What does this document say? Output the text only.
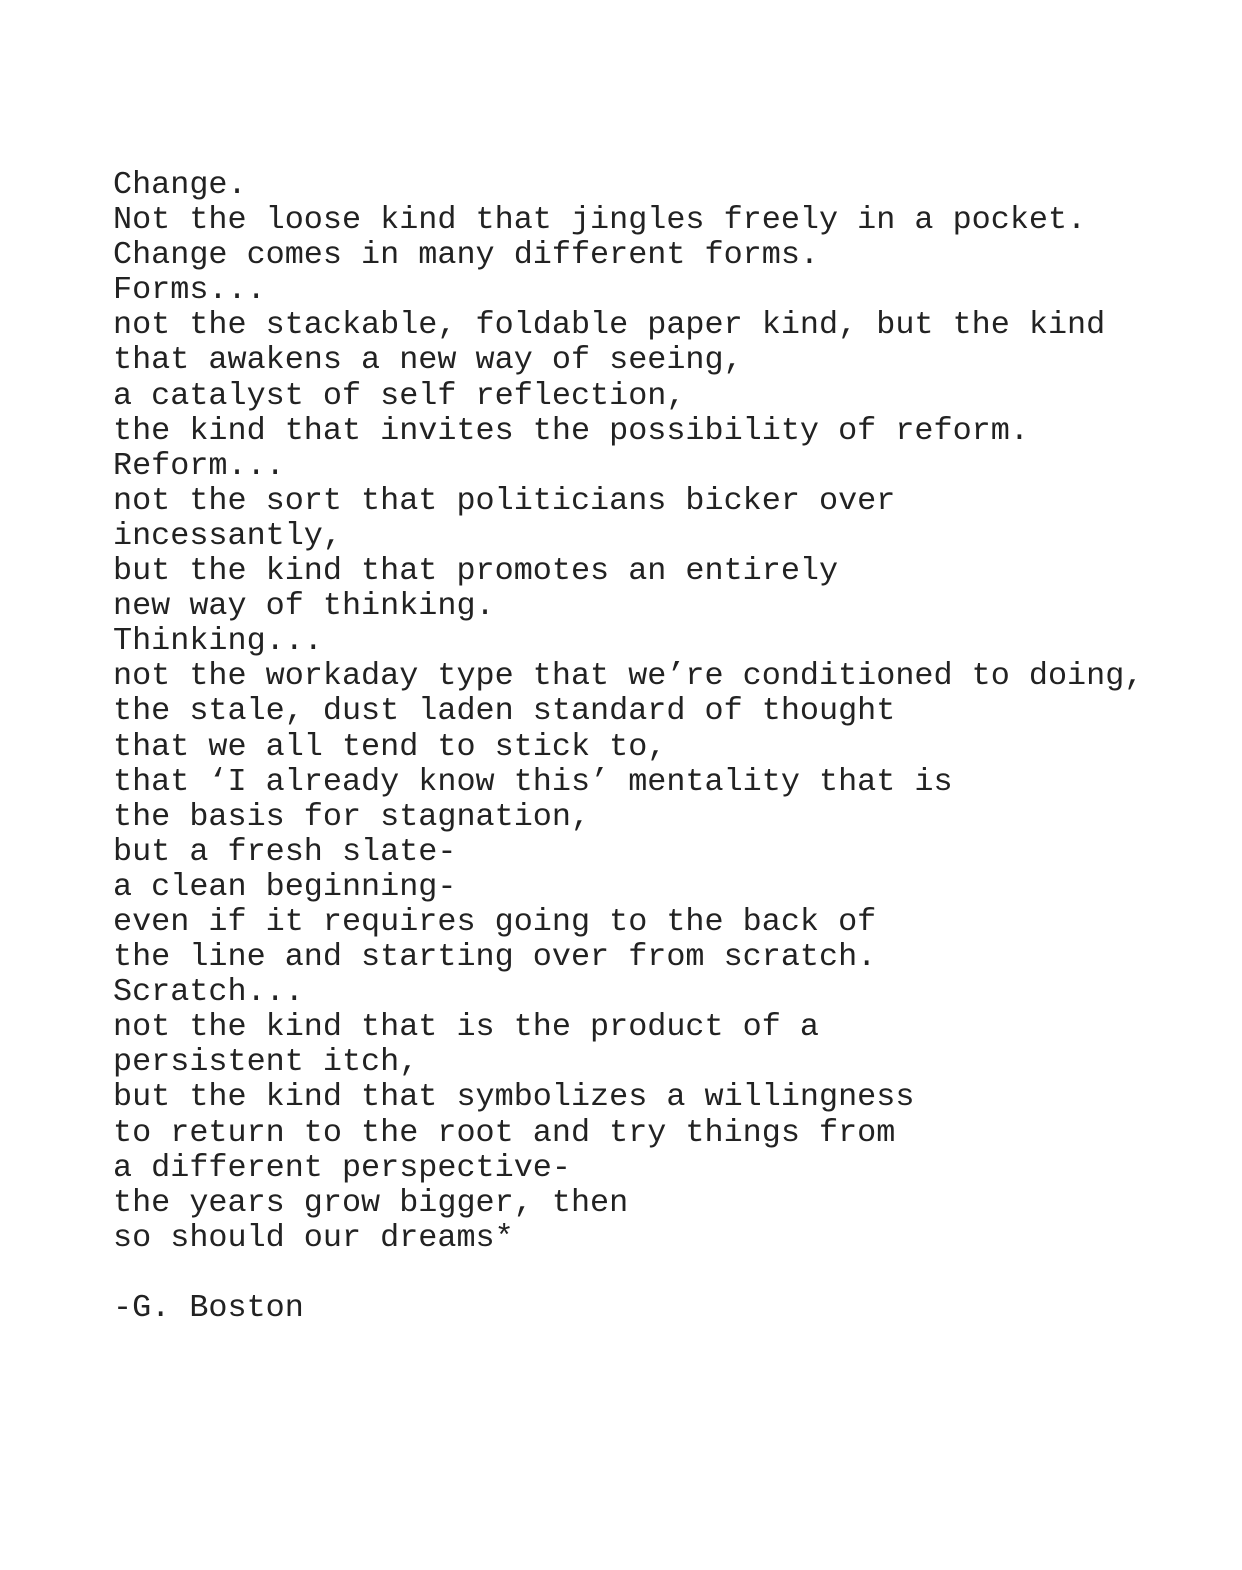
Change.
Not the loose kind that jingles freely in a pocket.
Change comes in many different forms.
Forms...
not the stackable, foldable paper kind, but the kind
that awakens a new way of seeing,
a catalyst of self reflection,
the kind that invites the possibility of reform.
Reform...
not the sort that politicians bicker over
incessantly,
but the kind that promotes an entirely
new way of thinking.
Thinking...
not the workaday type that we’re conditioned to doing,
the stale, dust laden standard of thought
that we all tend to stick to,
that ‘I already know this’ mentality that is
the basis for stagnation,
but a fresh slate-
a clean beginning-
even if it requires going to the back of
the line and starting over from scratch.
Scratch...
not the kind that is the product of a
persistent itch,
but the kind that symbolizes a willingness
to return to the root and try things from
a different perspective-
the years grow bigger, then
so should our dreams*
-G. Boston
